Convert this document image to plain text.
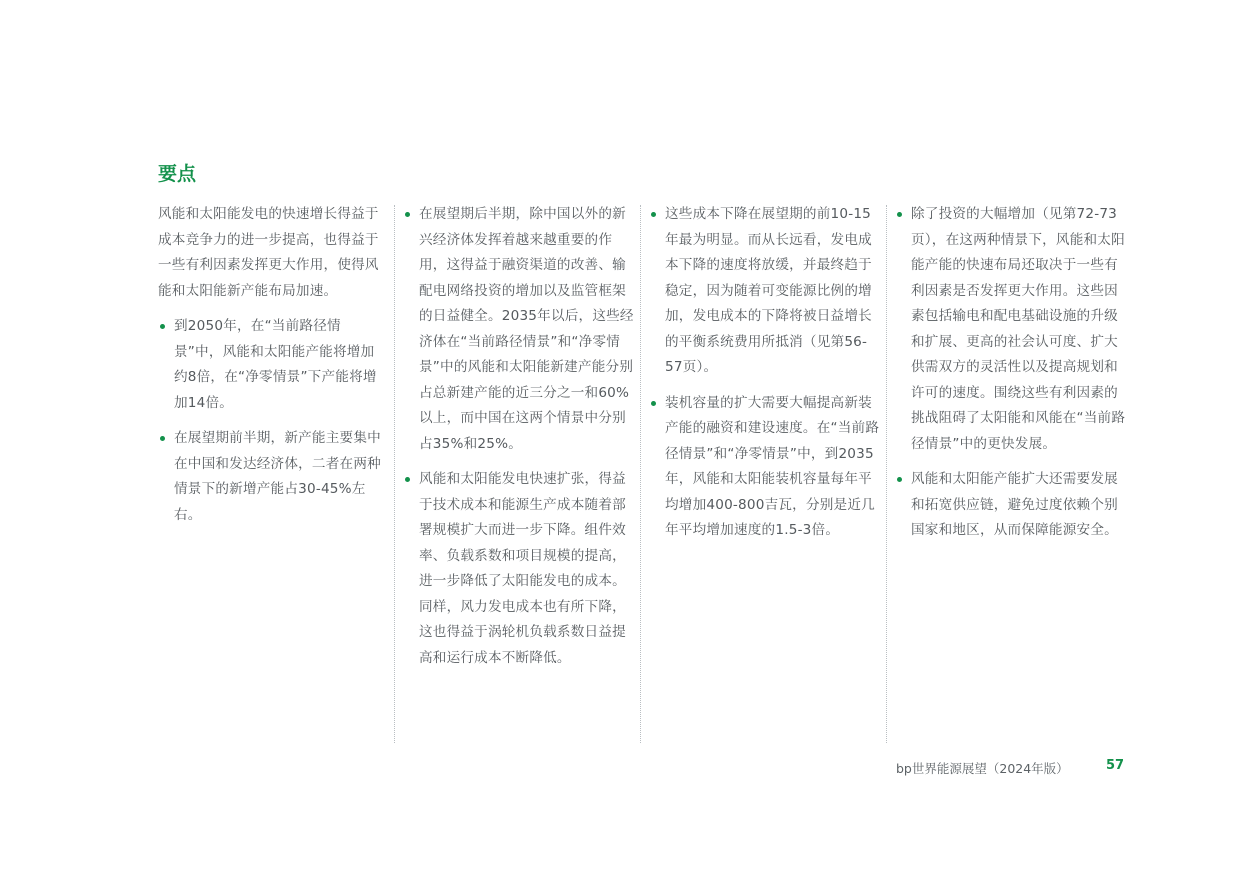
要点

风能和太阳能发电的快速增长得益于成本竞争力的进一步提高，也得益于一些有利因素发挥更大作用，使得风能和太阳能新产能布局加速。

到2050年，在“当前路径情景”中，风能和太阳能产能将增加约8倍，在“净零情景”下产能将增加14倍。
在展望期前半期，新产能主要集中在中国和发达经济体，二者在两种情景下的新增产能占30-45%左右。
在展望期后半期，除中国以外的新兴经济体发挥着越来越重要的作用，这得益于融资渠道的改善、输配电网络投资的增加以及监管框架的日益健全。2035年以后，这些经济体在“当前路径情景”和“净零情景”中的风能和太阳能新建产能分别占总新建产能的近三分之一和60%以上，而中国在这两个情景中分别占35%和25%。
风能和太阳能发电快速扩张，得益于技术成本和能源生产成本随着部署规模扩大而进一步下降。组件效率、负载系数和项目规模的提高，进一步降低了太阳能发电的成本。同样，风力发电成本也有所下降，这也得益于涡轮机负载系数日益提高和运行成本不断降低。
这些成本下降在展望期的前10-15年最为明显。而从长远看，发电成本下降的速度将放缓，并最终趋于稳定，因为随着可变能源比例的增加，发电成本的下降将被日益增长的平衡系统费用所抵消（见第56-57页）。
装机容量的扩大需要大幅提高新装产能的融资和建设速度。在“当前路径情景”和“净零情景”中，到2035年，风能和太阳能装机容量每年平均增加400-800吉瓦，分别是近几年平均增加速度的1.5-3倍。
除了投资的大幅增加（见第72-73页），在这两种情景下，风能和太阳能产能的快速布局还取决于一些有利因素是否发挥更大作用。这些因素包括输电和配电基础设施的升级和扩展、更高的社会认可度、扩大供需双方的灵活性以及提高规划和许可的速度。围绕这些有利因素的挑战阻碍了太阳能和风能在“当前路径情景”中的更快发展。
风能和太阳能产能扩大还需要发展和拓宽供应链，避免过度依赖个别国家和地区，从而保障能源安全。
bp世界能源展望（2024年版）	57
